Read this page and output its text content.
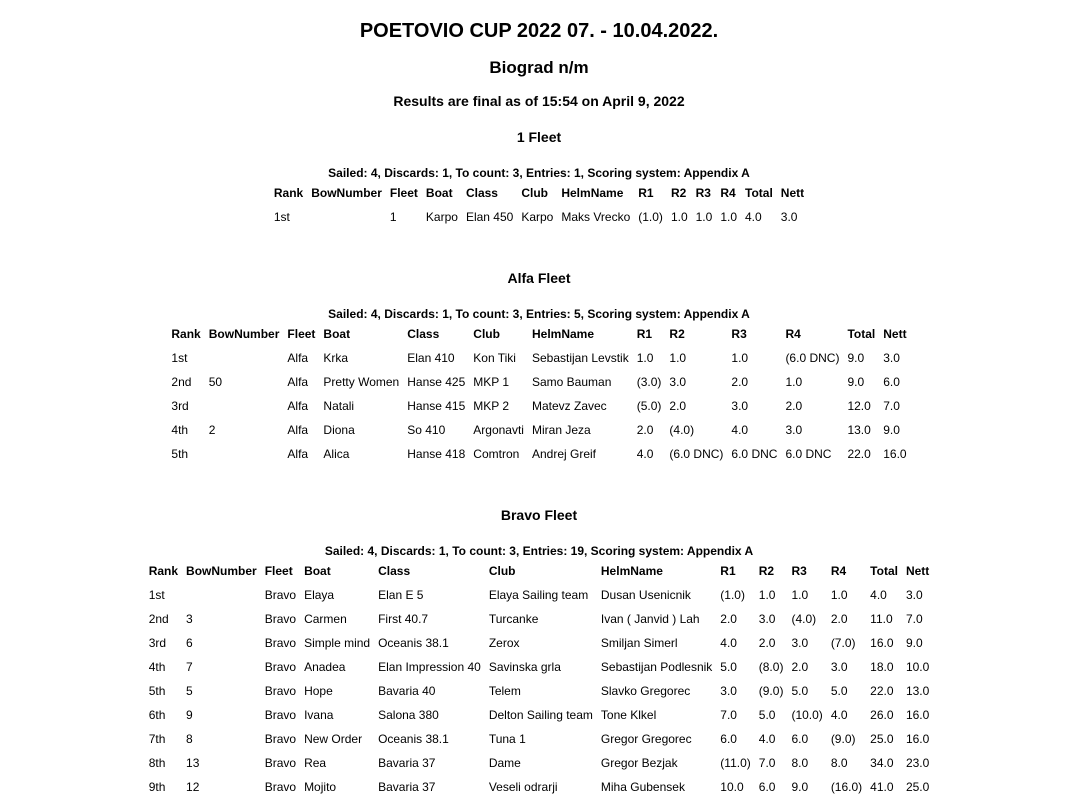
POETOVIO CUP 2022 07. - 10.04.2022.
Biograd n/m
Results are final as of 15:54 on April 9, 2022
1 Fleet

Sailed: 4, Discards: 1, To count: 3, Entries: 1, Scoring system: Appendix A

Rank	BowNumber	Fleet	Boat	Class	Club	HelmName	R1	R2	R3	R4	Total	Nett
1st		1	Karpo	Elan 450	Karpo	Maks Vrecko	(1.0)	1.0	1.0	1.0	4.0	3.0
Alfa Fleet

Sailed: 4, Discards: 1, To count: 3, Entries: 5, Scoring system: Appendix A

Rank	BowNumber	Fleet	Boat	Class	Club	HelmName	R1	R2	R3	R4	Total	Nett
1st		Alfa	Krka	Elan 410	Kon Tiki	Sebastijan Levstik	1.0	1.0	1.0	(6.0 DNC)	9.0	3.0
2nd	50	Alfa	Pretty Women	Hanse 425	MKP 1	Samo Bauman	(3.0)	3.0	2.0	1.0	9.0	6.0
3rd		Alfa	Natali	Hanse 415	MKP 2	Matevz Zavec	(5.0)	2.0	3.0	2.0	12.0	7.0
4th	2	Alfa	Diona	So 410	Argonavti	Miran Jeza	2.0	(4.0)	4.0	3.0	13.0	9.0
5th		Alfa	Alica	Hanse 418	Comtron	Andrej Greif	4.0	(6.0 DNC)	6.0 DNC	6.0 DNC	22.0	16.0
Bravo Fleet

Sailed: 4, Discards: 1, To count: 3, Entries: 19, Scoring system: Appendix A

Rank	BowNumber	Fleet	Boat	Class	Club	HelmName	R1	R2	R3	R4	Total	Nett
1st		Bravo	Elaya	Elan E 5	Elaya Sailing team	Dusan Usenicnik	(1.0)	1.0	1.0	1.0	4.0	3.0
2nd	3	Bravo	Carmen	First 40.7	Turcanke	Ivan ( Janvid ) Lah	2.0	3.0	(4.0)	2.0	11.0	7.0
3rd	6	Bravo	Simple mind	Oceanis 38.1	Zerox	Smiljan Simerl	4.0	2.0	3.0	(7.0)	16.0	9.0
4th	7	Bravo	Anadea	Elan Impression 40	Savinska grla	Sebastijan Podlesnik	5.0	(8.0)	2.0	3.0	18.0	10.0
5th	5	Bravo	Hope	Bavaria 40	Telem	Slavko Gregorec	3.0	(9.0)	5.0	5.0	22.0	13.0
6th	9	Bravo	Ivana	Salona 380	Delton Sailing team	Tone Klkel	7.0	5.0	(10.0)	4.0	26.0	16.0
7th	8	Bravo	New Order	Oceanis 38.1	Tuna 1	Gregor Gregorec	6.0	4.0	6.0	(9.0)	25.0	16.0
8th	13	Bravo	Rea	Bavaria 37	Dame	Gregor Bezjak	(11.0)	7.0	8.0	8.0	34.0	23.0
9th	12	Bravo	Mojito	Bavaria 37	Veseli odrarji	Miha Gubensek	10.0	6.0	9.0	(16.0)	41.0	25.0
